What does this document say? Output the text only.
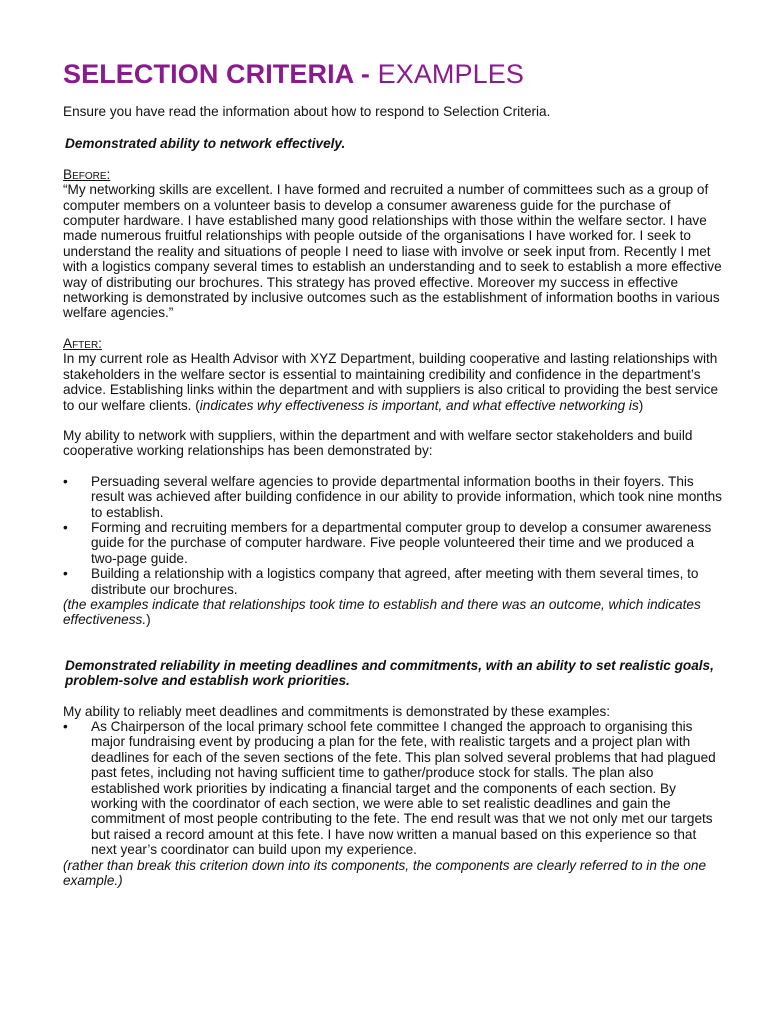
SELECTION CRITERIA - EXAMPLES

Ensure you have read the information about how to respond to Selection Criteria.

Demonstrated ability to network effectively.

Before:

“My networking skills are excellent. I have formed and recruited a number of committees such as a group of computer members on a volunteer basis to develop a consumer awareness guide for the purchase of computer hardware. I have established many good relationships with those within the welfare sector. I have made numerous fruitful relationships with people outside of the organisations I have worked for. I seek to understand the reality and situations of people I need to liase with involve or seek input from. Recently I met with a logistics company several times to establish an understanding and to seek to establish a more effective way of distributing our brochures. This strategy has proved effective. Moreover my success in effective networking is demonstrated by inclusive outcomes such as the establishment of information booths in various welfare agencies.”

After:

In my current role as Health Advisor with XYZ Department, building cooperative and lasting relationships with stakeholders in the welfare sector is essential to maintaining credibility and confidence in the department’s advice. Establishing links within the department and with suppliers is also critical to providing the best service to our welfare clients. (indicates why effectiveness is important, and what effective networking is)

My ability to network with suppliers, within the department and with welfare sector stakeholders and build cooperative working relationships has been demonstrated by:

• Persuading several welfare agencies to provide departmental information booths in their foyers. This result was achieved after building confidence in our ability to provide information, which took nine months to establish.
• Forming and recruiting members for a departmental computer group to develop a consumer awareness guide for the purchase of computer hardware. Five people volunteered their time and we produced a two-page guide.
• Building a relationship with a logistics company that agreed, after meeting with them several times, to distribute our brochures.

(the examples indicate that relationships took time to establish and there was an outcome, which indicates effectiveness.)

Demonstrated reliability in meeting deadlines and commitments, with an ability to set realistic goals, problem-solve and establish work priorities.

My ability to reliably meet deadlines and commitments is demonstrated by these examples:

• As Chairperson of the local primary school fete committee I changed the approach to organising this major fundraising event by producing a plan for the fete, with realistic targets and a project plan with deadlines for each of the seven sections of the fete. This plan solved several problems that had plagued past fetes, including not having sufficient time to gather/produce stock for stalls. The plan also established work priorities by indicating a financial target and the components of each section. By working with the coordinator of each section, we were able to set realistic deadlines and gain the commitment of most people contributing to the fete. The end result was that we not only met our targets but raised a record amount at this fete. I have now written a manual based on this experience so that next year’s coordinator can build upon my experience.

(rather than break this criterion down into its components, the components are clearly referred to in the one example.)
